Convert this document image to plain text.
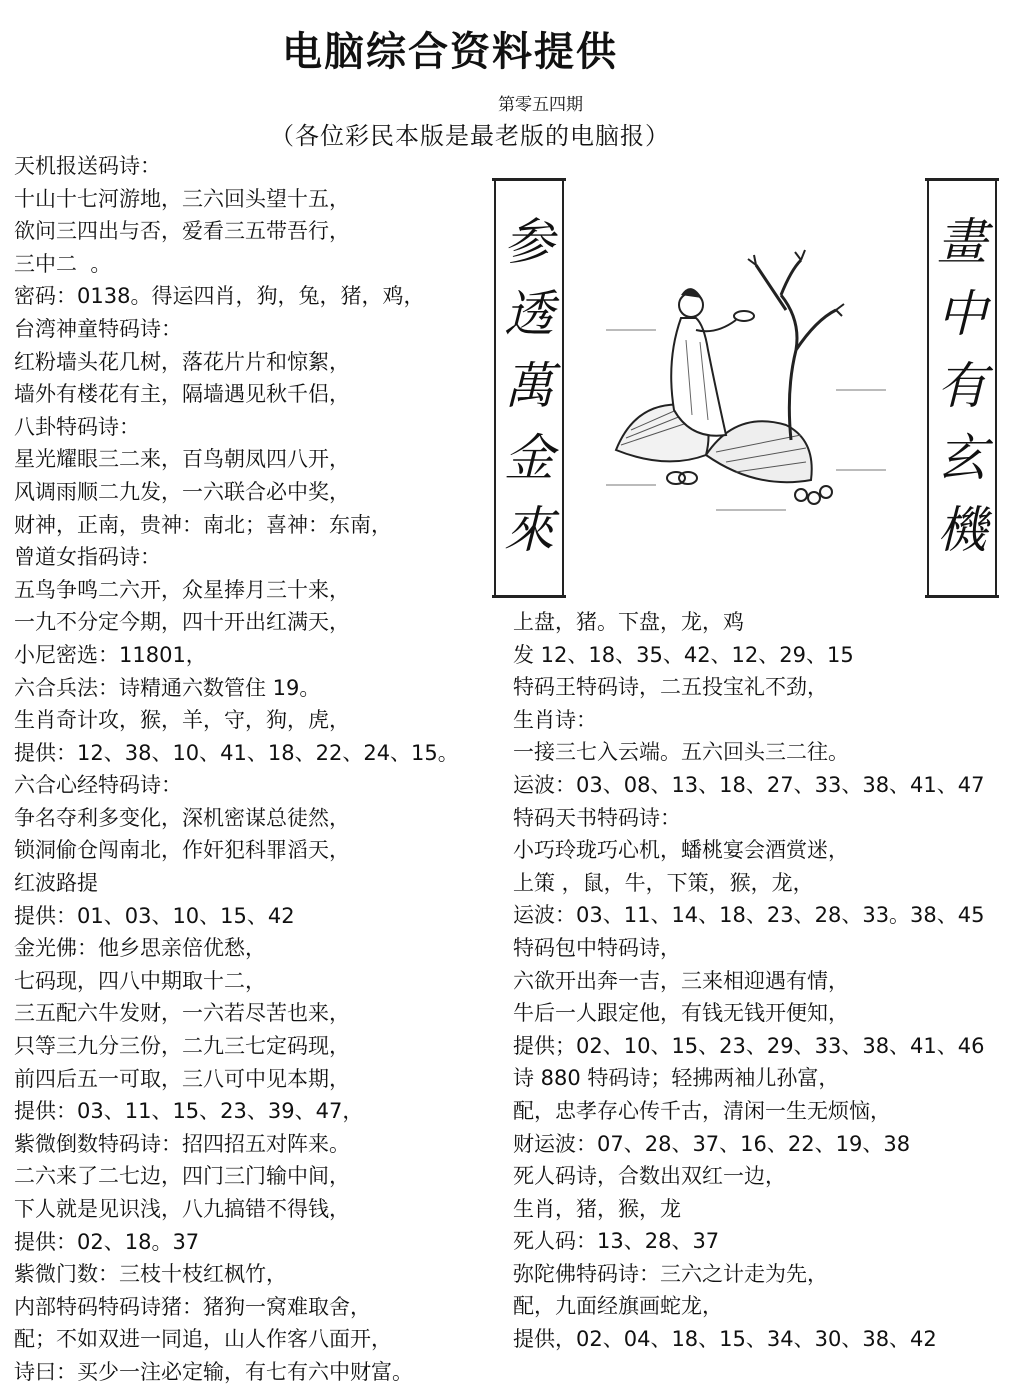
电脑综合资料提供
第零五四期
（各位彩民本版是最老版的电脑报）
天机报送码诗：
十山十七河游地，三六回头望十五，
欲问三四出与否，爱看三五带吾行，
三中二  。
密码：0138。得运四肖，狗，兔，猪，鸡，
台湾神童特码诗：
红粉墙头花几树，落花片片和惊絮，
墙外有楼花有主，隔墙遇见秋千侣，
八卦特码诗：
星光耀眼三二来，百鸟朝凤四八开，
风调雨顺二九发，一六联合必中奖，
财神，正南，贵神：南北；喜神：东南，
曾道女指码诗：
五鸟争鸣二六开，众星捧月三十来，
一九不分定今期，四十开出红满天，
小尼密选：11801，
六合兵法：诗精通六数管住 19。
生肖奇计攻，猴，羊，守，狗，虎，
提供：12、38、10、41、18、22、24、15。
六合心经特码诗：
争名夺利多变化，深机密谋总徒然，
锁洞偷仓闯南北，作奸犯科罪滔天，
红波路提
提供：01、03、10、15、42
金光佛：他乡思亲倍优愁，
七码现，四八中期取十二，
三五配六牛发财，一六若尽苦也来，
只等三九分三份，二九三七定码现，
前四后五一可取，三八可中见本期，
提供：03、11、15、23、39、47，
紫微倒数特码诗：招四招五对阵来。
二六来了二七边，四门三门输中间，
下人就是见识浅，八九搞错不得钱，
提供：02、18。37
紫微门数：三枝十枝红枫竹，
内部特码特码诗猪：猪狗一窝难取舍，
配；不如双进一同追，山人作客八面开，
诗曰：买少一注必定输，有七有六中财富。
上盘，猪。下盘，龙，鸡
发 12、18、35、42、12、29、15
特码王特码诗，二五投宝礼不劲，
生肖诗：
一接三七入云端。五六回头三二往。
运波：03、08、13、18、27、33、38、41、47
特码天书特码诗：
小巧玲珑巧心机，蟠桃宴会酒赏迷，
上策 ，鼠，牛，下策，猴，龙，
运波：03、11、14、18、23、28、33。38、45
特码包中特码诗，
六欲开出奔一吉，三来相迎遇有情，
牛后一人跟定他，有钱无钱开便知，
提供；02、10、15、23、29、33、38、41、46
诗 880 特码诗；轻拂两袖儿孙富，
配，忠孝存心传千古，清闲一生无烦恼，
财运波：07、28、37、16、22、19、38
死人码诗，合数出双红一边，
生肖，猪，猴，龙
死人码：13、28、37
弥陀佛特码诗：三六之计走为先，
配，九面经旗画蛇龙，
提供，02、04、18、15、34、30、38、42
参
透
萬
金
來
畫
中
有
玄
機
